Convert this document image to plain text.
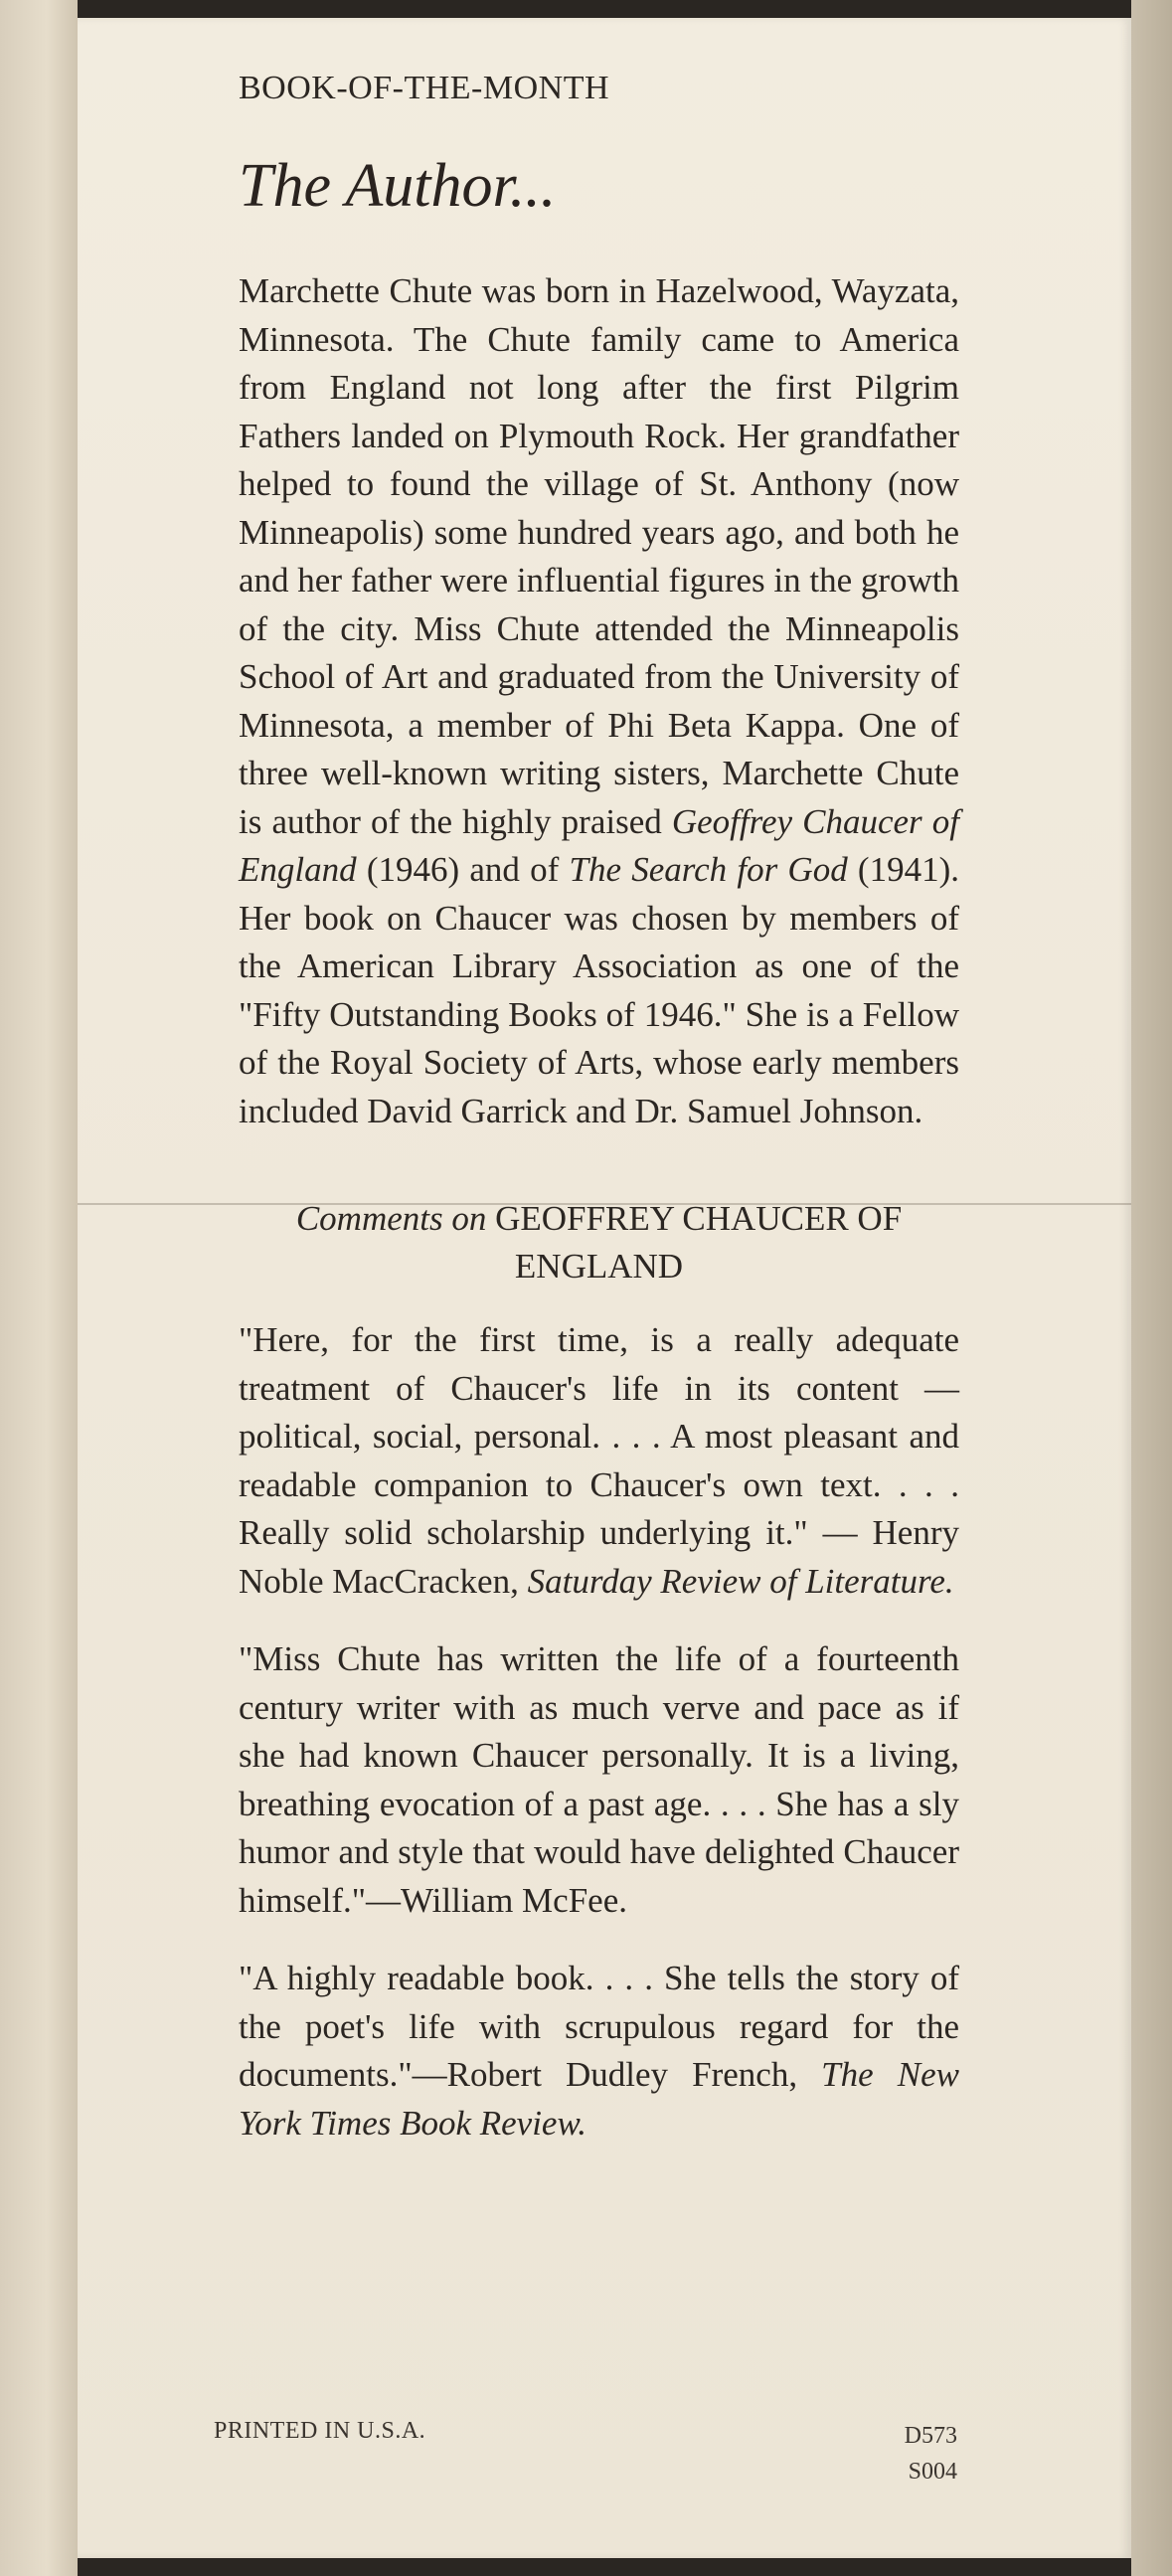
BOOK-OF-THE-MONTH
The Author...

Marchette Chute was born in Hazelwood, Wayzata, Minnesota. The Chute family came to America from England not long after the first Pilgrim Fathers landed on Plymouth Rock. Her grandfather helped to found the village of St. Anthony (now Minneapolis) some hundred years ago, and both he and her father were influential figures in the growth of the city. Miss Chute attended the Minneapolis School of Art and graduated from the University of Minnesota, a member of Phi Beta Kappa. One of three well-known writing sisters, Marchette Chute is author of the highly praised Geoffrey Chaucer of England (1946) and of The Search for God (1941). Her book on Chaucer was chosen by members of the American Library Association as one of the "Fifty Outstanding Books of 1946." She is a Fellow of the Royal Society of Arts, whose early members included David Garrick and Dr. Samuel Johnson.

Comments on GEOFFREY CHAUCER OF ENGLAND

"Here, for the first time, is a really adequate treatment of Chaucer's life in its content — political, social, personal. . . . A most pleasant and readable companion to Chaucer's own text. . . . Really solid scholarship underlying it." — Henry Noble MacCracken, Saturday Review of Literature.

"Miss Chute has written the life of a fourteenth century writer with as much verve and pace as if she had known Chaucer personally. It is a living, breathing evocation of a past age. . . . She has a sly humor and style that would have delighted Chaucer himself."—William McFee.

"A highly readable book. . . . She tells the story of the poet's life with scrupulous regard for the documents."—Robert Dudley French, The New York Times Book Review.

PRINTED IN U.S.A.	D573
S004
